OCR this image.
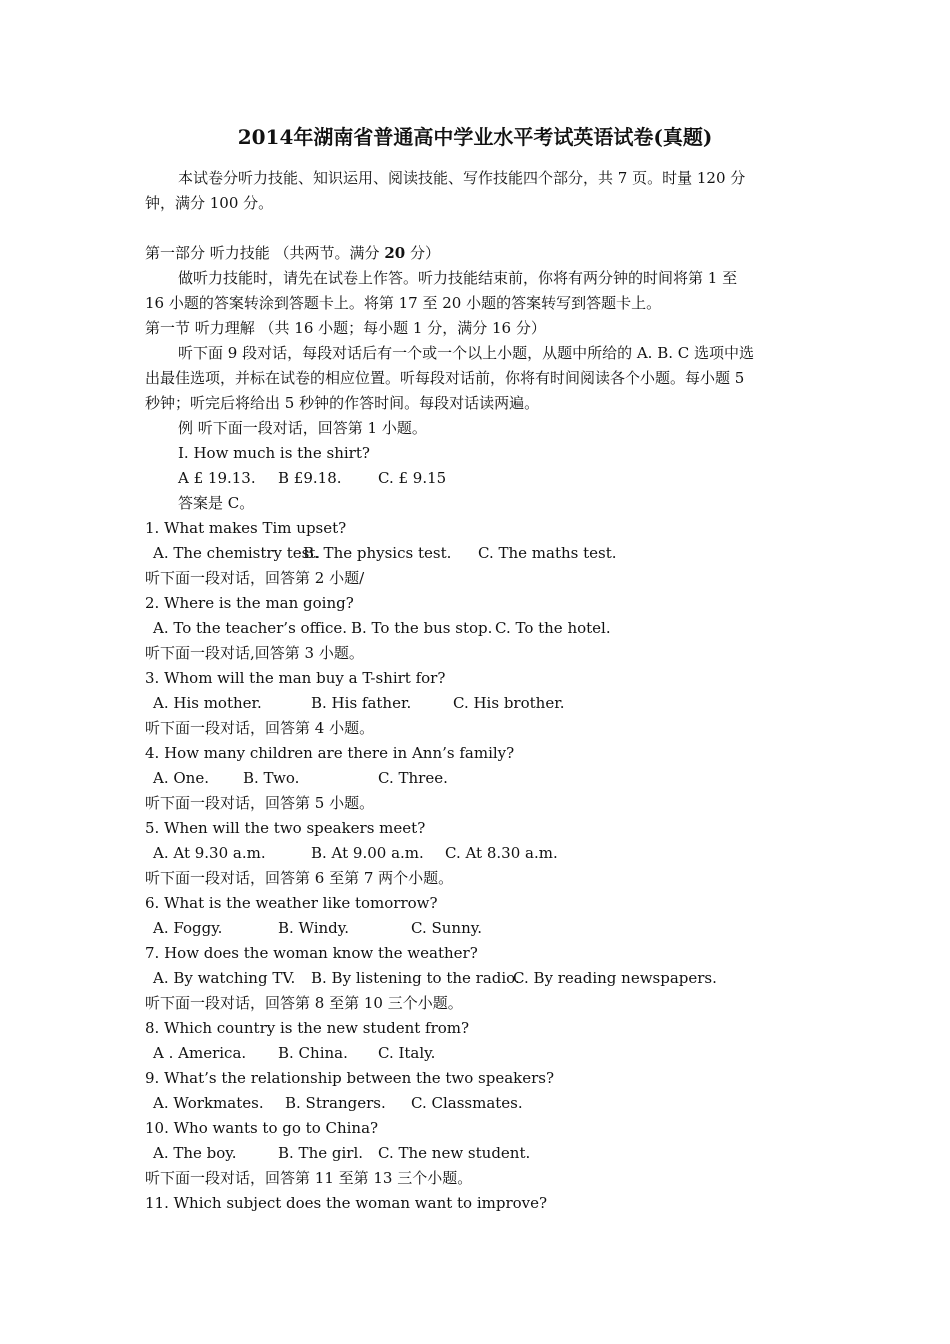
2014年湖南省普通高中学业水平考试英语试卷(真题)
本试卷分听力技能、知识运用、阅读技能、写作技能四个部分，共 7 页。时量 120 分
钟，满分 100 分。
第一部分 听力技能 （共两节。满分 20 分）
做听力技能时，请先在试卷上作答。听力技能结束前，你将有两分钟的时间将第 1 至
16 小题的答案转涂到答题卡上。将第 17 至 20 小题的答案转写到答题卡上。
第一节 听力理解 （共 16 小题；每小题 1 分，满分 16 分）
听下面 9 段对话，每段对话后有一个或一个以上小题，从题中所给的 A. B. C 选项中选
出最佳选项，并标在试卷的相应位置。听每段对话前，你将有时间阅读各个小题。每小题 5
秒钟；听完后将给出 5 秒钟的作答时间。每段对话读两遍。
例 听下面一段对话，回答第 1 小题。
I. How much is the shirt?
A £ 19.13. B £9.18. C. £ 9.15
答案是 C。
1. What makes Tim upset?
A. The chemistry test.
B. The physics test. C. The maths test.
听下面一段对话，回答第 2 小题/
2. Where is the man going?
A. To the teacher’s office. B. To the bus stop. C. To the hotel.
听下面一段对话,回答第 3 小题。
3. Whom will the man buy a T-shirt for?
A. His mother.	B. His father.	C. His brother.
听下面一段对话，回答第 4 小题。
4. How many children are there in Ann’s family?
A. One. B. Two.	C. Three.
听下面一段对话，回答第 5 小题。
5. When will the two speakers meet?
A. At 9.30 a.m.	B. At 9.00 a.m. C. At 8.30 a.m.
听下面一段对话，回答第 6 至第 7 两个小题。
6. What is the weather like tomorrow?
A. Foggy.	B. Windy.	C. Sunny.
7. How does the woman know the weather?
A. By watching TV. B. By listening to the radio.
C. By reading newspapers.
听下面一段对话，回答第 8 至第 10 三个小题。
8. Which country is the new student from?
A . America. B. China. C. Italy.
9. What’s the relationship between the two speakers?
A. Workmates. B. Strangers. C. Classmates.
10. Who wants to go to China?
A. The boy.	B. The girl. C. The new student.
听下面一段对话，回答第 11 至第 13 三个小题。
11. Which subject does the woman want to improve?
